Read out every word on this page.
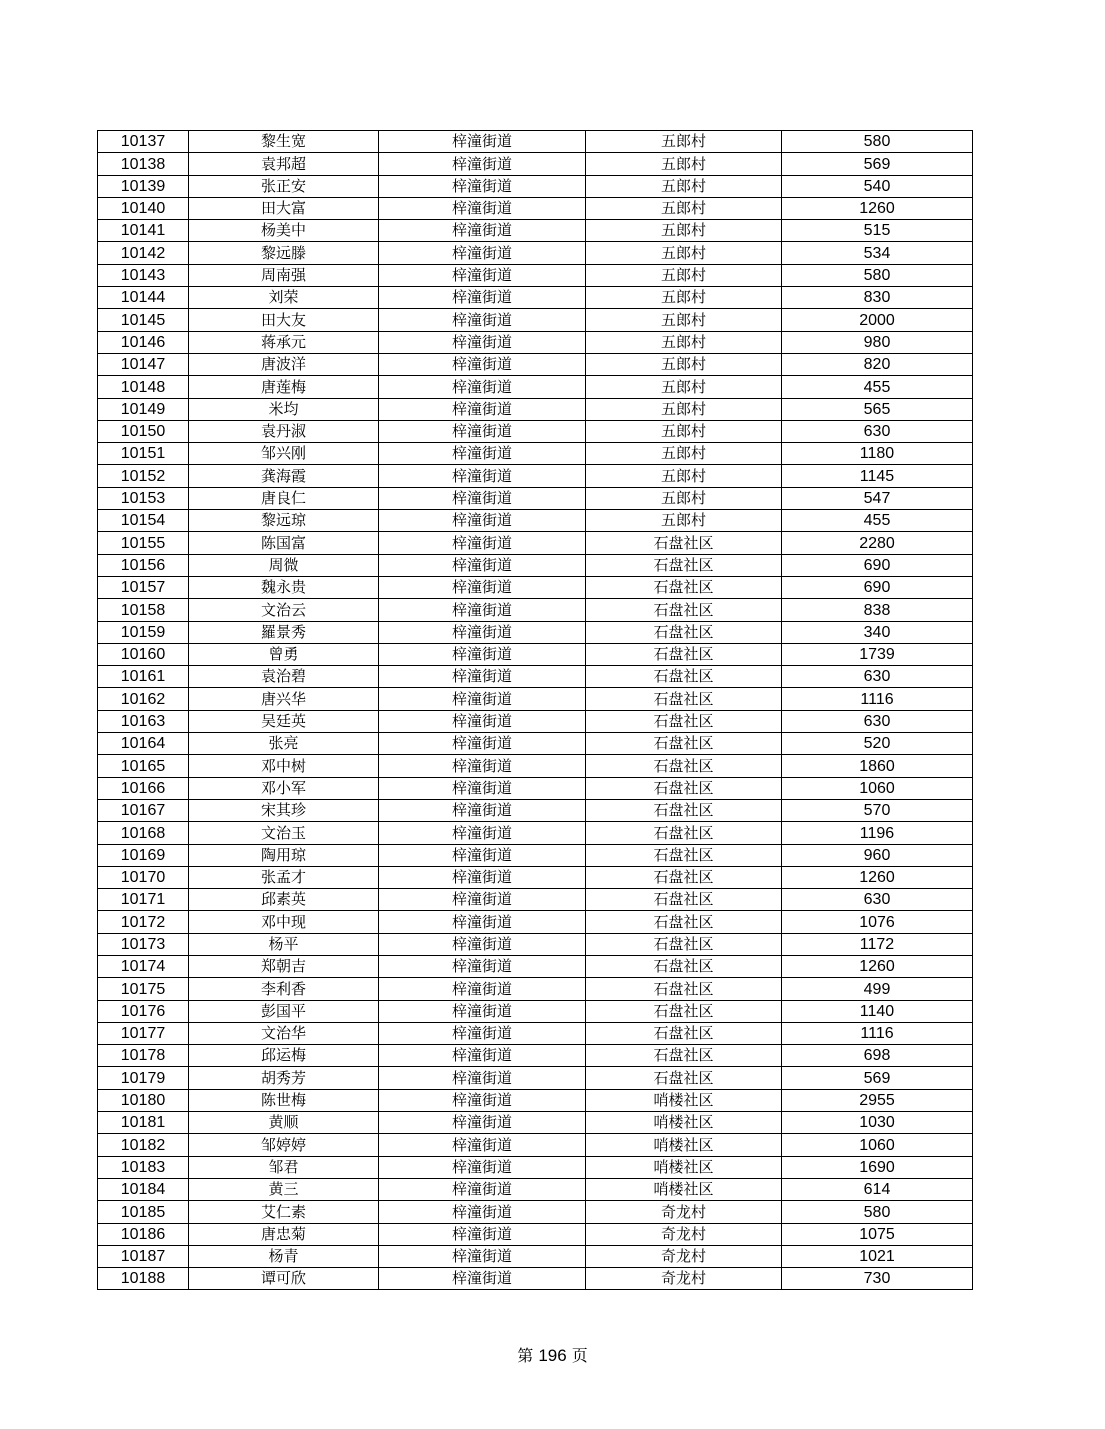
10137	黎生宽	梓潼街道	五郎村	580
10138	袁邦超	梓潼街道	五郎村	569
10139	张正安	梓潼街道	五郎村	540
10140	田大富	梓潼街道	五郎村	1260
10141	杨美中	梓潼街道	五郎村	515
10142	黎远滕	梓潼街道	五郎村	534
10143	周南强	梓潼街道	五郎村	580
10144	刘荣	梓潼街道	五郎村	830
10145	田大友	梓潼街道	五郎村	2000
10146	蒋承元	梓潼街道	五郎村	980
10147	唐波洋	梓潼街道	五郎村	820
10148	唐莲梅	梓潼街道	五郎村	455
10149	米均	梓潼街道	五郎村	565
10150	袁丹淑	梓潼街道	五郎村	630
10151	邹兴刚	梓潼街道	五郎村	1180
10152	龚海霞	梓潼街道	五郎村	1145
10153	唐良仁	梓潼街道	五郎村	547
10154	黎远琼	梓潼街道	五郎村	455
10155	陈国富	梓潼街道	石盘社区	2280
10156	周微	梓潼街道	石盘社区	690
10157	魏永贵	梓潼街道	石盘社区	690
10158	文治云	梓潼街道	石盘社区	838
10159	羅景秀	梓潼街道	石盘社区	340
10160	曾勇	梓潼街道	石盘社区	1739
10161	袁治碧	梓潼街道	石盘社区	630
10162	唐兴华	梓潼街道	石盘社区	1116
10163	吴廷英	梓潼街道	石盘社区	630
10164	张亮	梓潼街道	石盘社区	520
10165	邓中树	梓潼街道	石盘社区	1860
10166	邓小军	梓潼街道	石盘社区	1060
10167	宋其珍	梓潼街道	石盘社区	570
10168	文治玉	梓潼街道	石盘社区	1196
10169	陶用琼	梓潼街道	石盘社区	960
10170	张孟才	梓潼街道	石盘社区	1260
10171	邱素英	梓潼街道	石盘社区	630
10172	邓中现	梓潼街道	石盘社区	1076
10173	杨平	梓潼街道	石盘社区	1172
10174	郑朝吉	梓潼街道	石盘社区	1260
10175	李利香	梓潼街道	石盘社区	499
10176	彭国平	梓潼街道	石盘社区	1140
10177	文治华	梓潼街道	石盘社区	1116
10178	邱运梅	梓潼街道	石盘社区	698
10179	胡秀芳	梓潼街道	石盘社区	569
10180	陈世梅	梓潼街道	哨楼社区	2955
10181	黄顺	梓潼街道	哨楼社区	1030
10182	邹婷婷	梓潼街道	哨楼社区	1060
10183	邹君	梓潼街道	哨楼社区	1690
10184	黄三	梓潼街道	哨楼社区	614
10185	艾仁素	梓潼街道	奇龙村	580
10186	唐忠菊	梓潼街道	奇龙村	1075
10187	杨青	梓潼街道	奇龙村	1021
10188	谭可欣	梓潼街道	奇龙村	730
第 196 页
